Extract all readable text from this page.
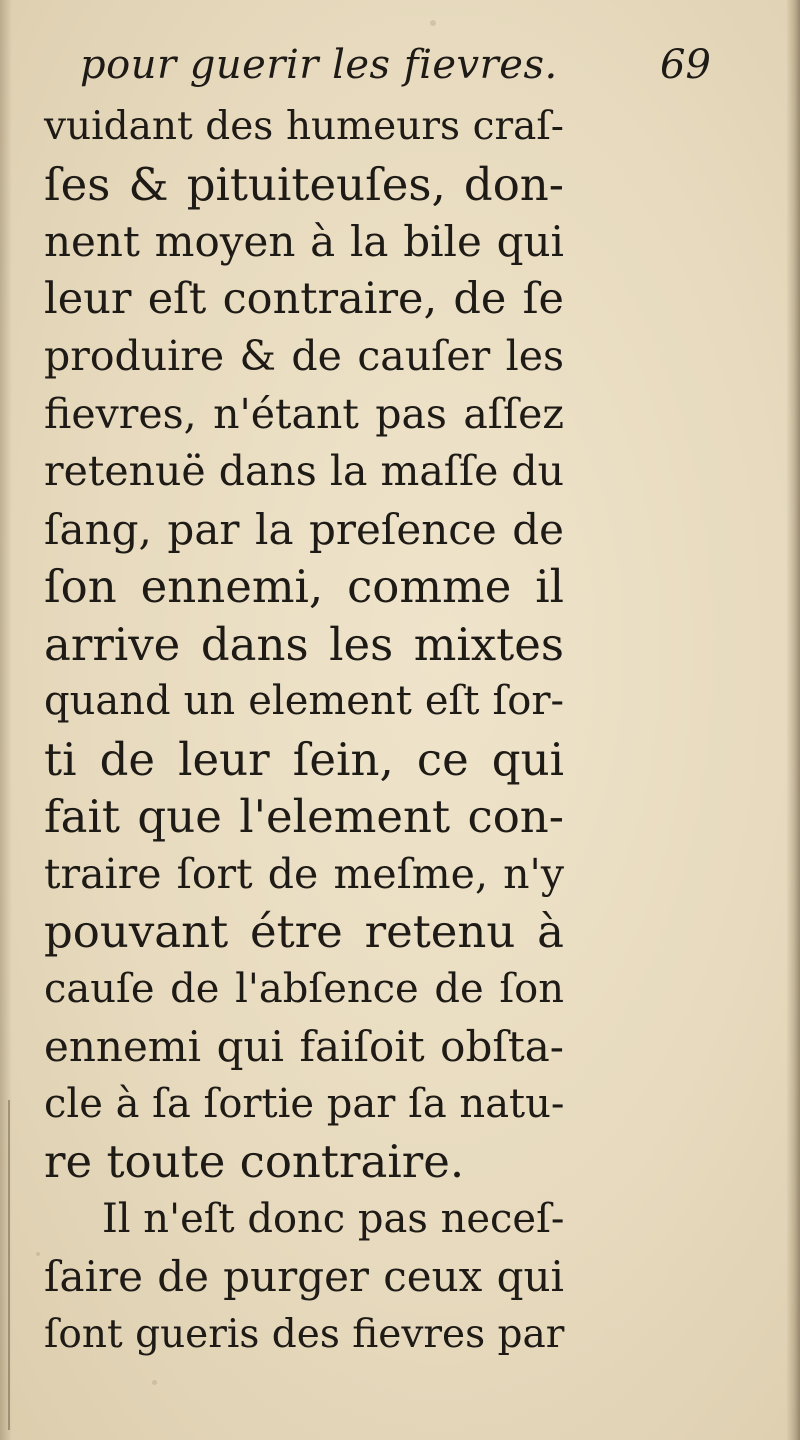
pour guerir les fievres.	69
vuidant des humeurs craſ-
ſes & pituiteuſes, don-
nent moyen à la bile qui
leur eſt contraire, de ſe
produire & de cauſer les
fievres, n'étant pas aſſez
retenuë dans la maſſe du
ſang, par la preſence de
ſon ennemi, comme il
arrive dans les mixtes
quand un element eſt ſor-
ti de leur ſein, ce qui
fait que l'element con-
traire ſort de meſme, n'y
pouvant étre retenu à
cauſe de l'abſence de ſon
ennemi qui faiſoit obſta-
cle à ſa ſortie par ſa natu-
re toute contraire.
Il n'eſt donc pas neceſ-
ſaire de purger ceux qui
ſont gueris des fievres par
